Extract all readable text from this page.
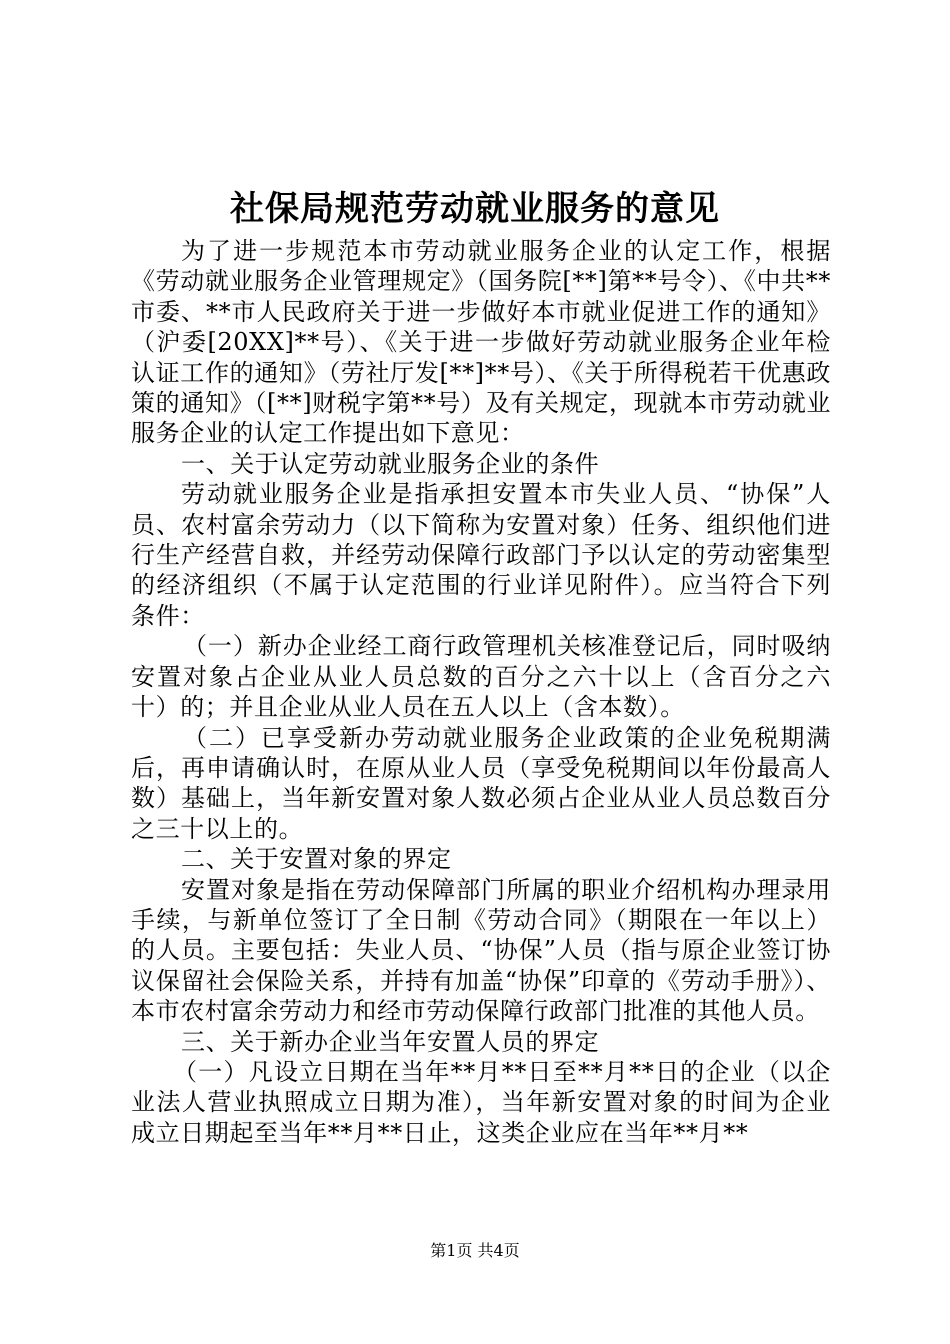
社保局规范劳动就业服务的意见

为了进一步规范本市劳动就业服务企业的认定工作，根据《劳动就业服务企业管理规定》（国务院[**]第**号令）、《中共**市委、**市人民政府关于进一步做好本市就业促进工作的通知》（沪委[20XX]**号）、《关于进一步做好劳动就业服务企业年检认证工作的通知》（劳社厅发[**]**号）、《关于所得税若干优惠政策的通知》（[**]财税字第**号）及有关规定，现就本市劳动就业服务企业的认定工作提出如下意见：

一、关于认定劳动就业服务企业的条件

劳动就业服务企业是指承担安置本市失业人员、“协保”人员、农村富余劳动力（以下简称为安置对象）任务、组织他们进行生产经营自救，并经劳动保障行政部门予以认定的劳动密集型的经济组织（不属于认定范围的行业详见附件）。应当符合下列条件：

（一）新办企业经工商行政管理机关核准登记后，同时吸纳安置对象占企业从业人员总数的百分之六十以上（含百分之六十）的；并且企业从业人员在五人以上（含本数）。

（二）已享受新办劳动就业服务企业政策的企业免税期满后，再申请确认时，在原从业人员（享受免税期间以年份最高人数）基础上，当年新安置对象人数必须占企业从业人员总数百分之三十以上的。

二、关于安置对象的界定

安置对象是指在劳动保障部门所属的职业介绍机构办理录用手续，与新单位签订了全日制《劳动合同》（期限在一年以上）的人员。主要包括：失业人员、“协保”人员（指与原企业签订协议保留社会保险关系，并持有加盖“协保”印章的《劳动手册》）、本市农村富余劳动力和经市劳动保障行政部门批准的其他人员。

三、关于新办企业当年安置人员的界定

（一）凡设立日期在当年**月**日至**月**日的企业（以企业法人营业执照成立日期为准），当年新安置对象的时间为企业成立日期起至当年**月**日止，这类企业应在当年**月**

第1页 共4页
